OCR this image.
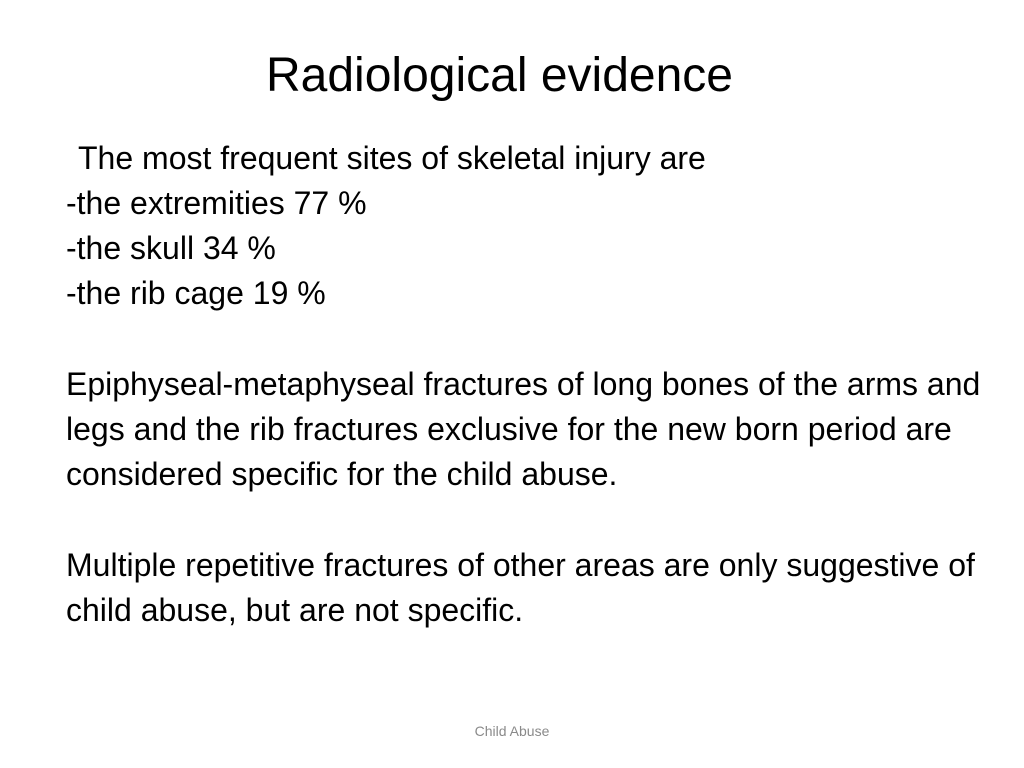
Radiological evidence
The most frequent sites of skeletal injury are
-the extremities 77 %
-the skull 34 %
-the rib cage 19 %

Epiphyseal-metaphyseal fractures of long bones of the arms and legs and the rib fractures exclusive for the new born period are considered specific for the child abuse.

Multiple repetitive fractures of other areas are only suggestive of child abuse, but are not specific.

Child Abuse
